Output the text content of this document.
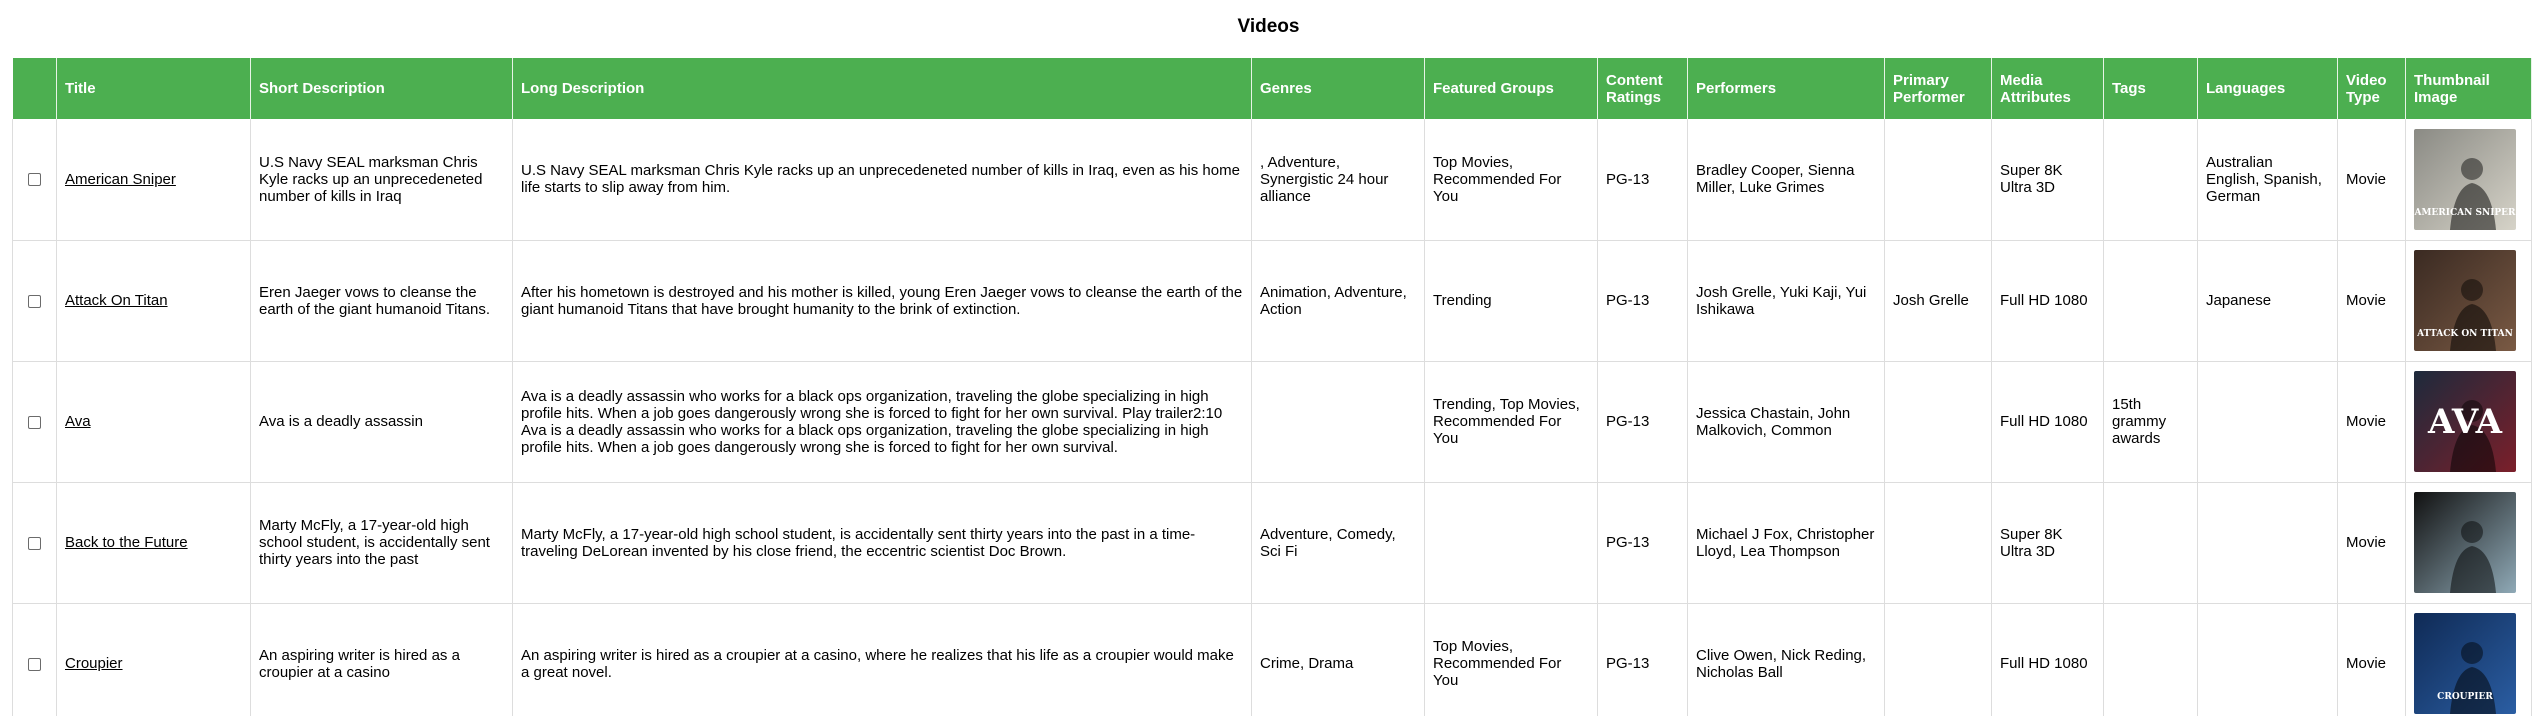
Videos
	Title	Short Description	Long Description	Genres	Featured Groups	Content Ratings	Performers	Primary Performer	Media Attributes	Tags	Languages	Video Type	Thumbnail Image
	American Sniper	U.S Navy SEAL marksman Chris Kyle racks up an unprecedeneted number of kills in Iraq	U.S Navy SEAL marksman Chris Kyle racks up an unprecedeneted number of kills in Iraq, even as his home life starts to slip away from him.	, Adventure, Synergistic 24 hour alliance	Top Movies, Recommended For You	PG-13	Bradley Cooper, Sienna Miller, Luke Grimes		Super 8K Ultra 3D		Australian English, Spanish, German	Movie	AMERICAN SNIPER

	Attack On Titan	Eren Jaeger vows to cleanse the earth of the giant humanoid Titans.	After his hometown is destroyed and his mother is killed, young Eren Jaeger vows to cleanse the earth of the giant humanoid Titans that have brought humanity to the brink of extinction.	Animation, Adventure, Action	Trending	PG-13	Josh Grelle, Yuki Kaji, Yui Ishikawa	Josh Grelle	Full HD 1080		Japanese	Movie	ATTACK ON TITAN

	Ava	Ava is a deadly assassin	Ava is a deadly assassin who works for a black ops organization, traveling the globe specializing in high profile hits. When a job goes dangerously wrong she is forced to fight for her own survival. Play trailer2:10 Ava is a deadly assassin who works for a black ops organization, traveling the globe specializing in high profile hits. When a job goes dangerously wrong she is forced to fight for her own survival.		Trending, Top Movies, Recommended For You	PG-13	Jessica Chastain, John Malkovich, Common		Full HD 1080	15th grammy awards		Movie	AVA

	Back to the Future	Marty McFly, a 17-year-old high school student, is accidentally sent thirty years into the past	Marty McFly, a 17-year-old high school student, is accidentally sent thirty years into the past in a time-traveling DeLorean invented by his close friend, the eccentric scientist Doc Brown.	Adventure, Comedy, Sci Fi		PG-13	Michael J Fox, Christopher Lloyd, Lea Thompson		Super 8K Ultra 3D			Movie	

	Croupier	An aspiring writer is hired as a croupier at a casino	An aspiring writer is hired as a croupier at a casino, where he realizes that his life as a croupier would make a great novel.	Crime, Drama	Top Movies, Recommended For You	PG-13	Clive Owen, Nick Reding, Nicholas Ball		Full HD 1080			Movie	CROUPIER
